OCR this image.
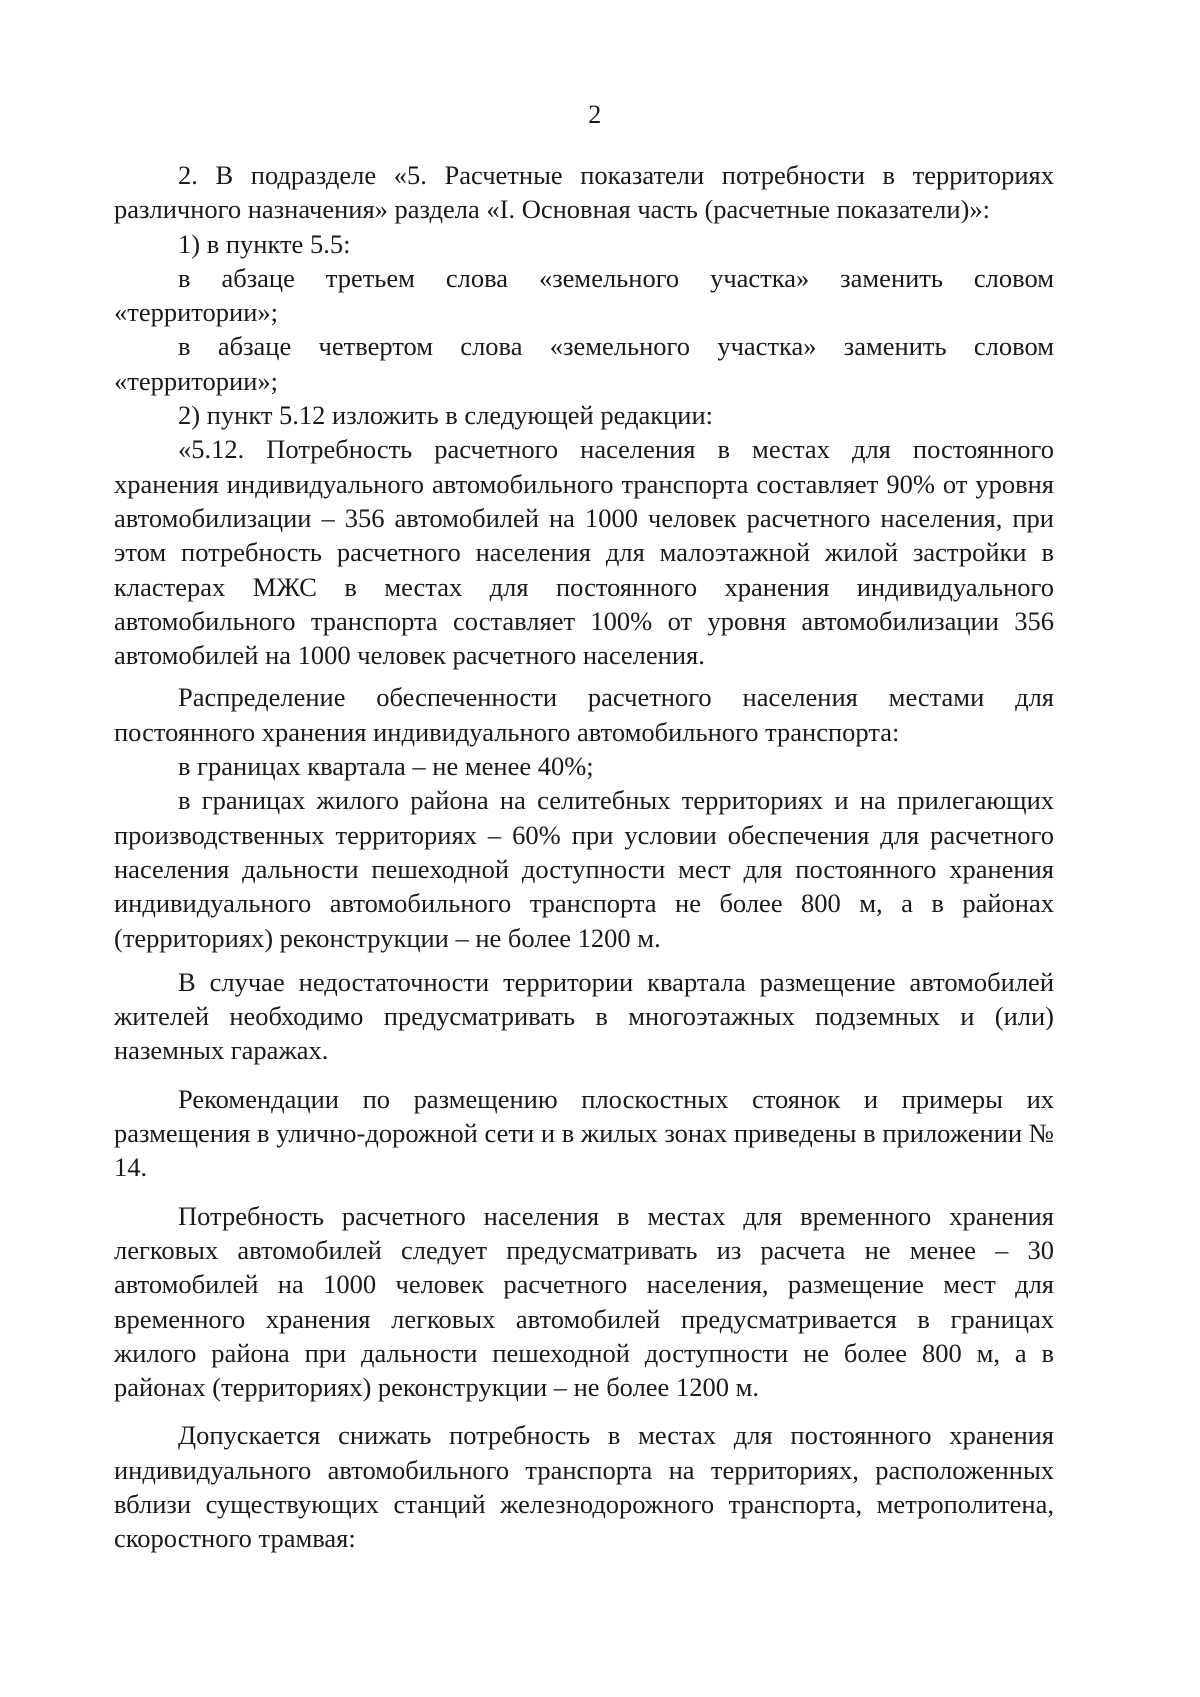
2

2. В подразделе «5. Расчетные показатели потребности в территориях различного назначения» раздела «I. Основная часть (расчетные показатели)»:

1) в пункте 5.5:

в абзаце третьем слова «земельного участка» заменить словом «территории»;

в абзаце четвертом слова «земельного участка» заменить словом «территории»;

2) пункт 5.12 изложить в следующей редакции:

«5.12. Потребность расчетного населения в местах для постоянного хранения индивидуального автомобильного транспорта составляет 90% от уровня автомобилизации – 356 автомобилей на 1000 человек расчетного населения, при этом потребность расчетного населения для малоэтажной жилой застройки в кластерах МЖС в местах для постоянного хранения индивидуального автомобильного транспорта составляет 100% от уровня автомобилизации 356 автомобилей на 1000 человек расчетного населения.

Распределение обеспеченности расчетного населения местами для постоянного хранения индивидуального автомобильного транспорта:

в границах квартала – не менее 40%;

в границах жилого района на селитебных территориях и на прилегающих производственных территориях – 60% при условии обеспечения для расчетного населения дальности пешеходной доступности мест для постоянного хранения индивидуального автомобильного транспорта не более 800 м, а в районах (территориях) реконструкции – не более 1200 м.

В случае недостаточности территории квартала размещение автомобилей жителей необходимо предусматривать в многоэтажных подземных и (или) наземных гаражах.

Рекомендации по размещению плоскостных стоянок и примеры их размещения в улично-дорожной сети и в жилых зонах приведены в приложении № 14.

Потребность расчетного населения в местах для временного хранения легковых автомобилей следует предусматривать из расчета не менее – 30 автомобилей на 1000 человек расчетного населения, размещение мест для временного хранения легковых автомобилей предусматривается в границах жилого района при дальности пешеходной доступности не более 800 м, а в районах (территориях) реконструкции – не более 1200 м.

Допускается снижать потребность в местах для постоянного хранения индивидуального автомобильного транспорта на территориях, расположенных вблизи существующих станций железнодорожного транспорта, метрополитена, скоростного трамвая:
